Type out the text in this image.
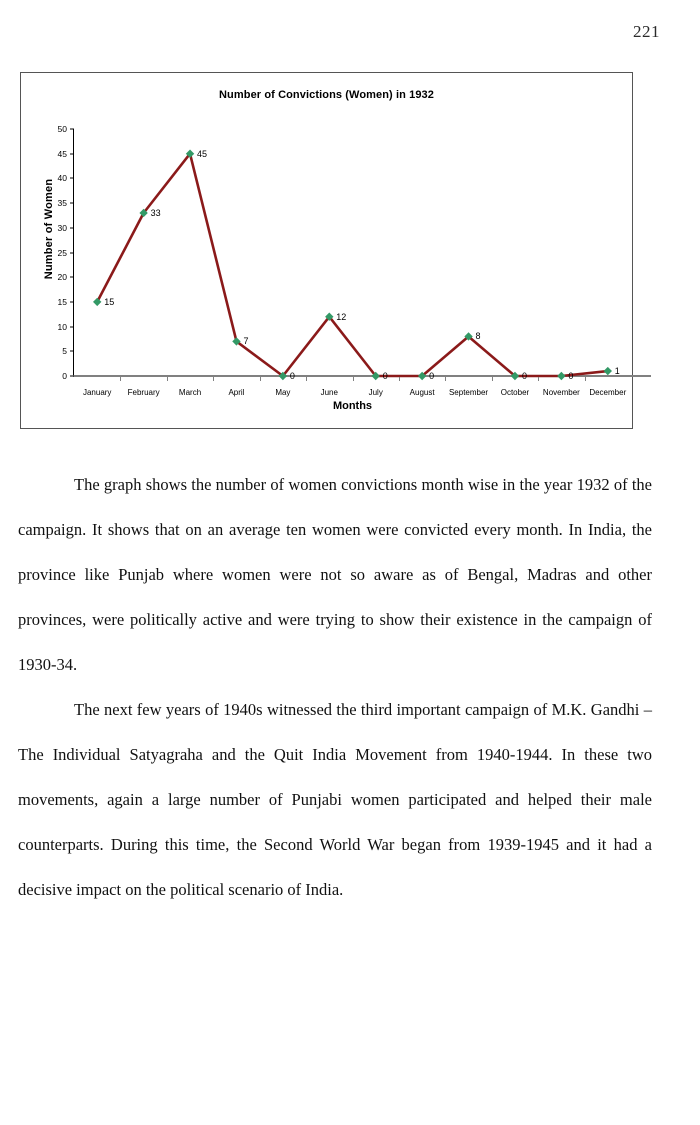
221
Number of Convictions (Women) in 1932
Number of Women
0
5
10
15
20
25
30
35
40
45
50
January February March	April	May	June	July	August September October November December
15
33
45
7
0
12
0	0
8
0	0	1
Months

The graph shows the number of women convictions month wise in the year 1932 of the campaign. It shows that on an average ten women were convicted every month. In India, the province like Punjab where women were not so aware as of Bengal, Madras and other provinces, were politically active and were trying to show their existence in the campaign of 1930-34.

The next few years of 1940s witnessed the third important campaign of M.K. Gandhi – The Individual Satyagraha and the Quit India Movement from 1940-1944. In these two movements, again a large number of Punjabi women participated and helped their male counterparts. During this time, the Second World War began from 1939-1945 and it had a decisive impact on the political scenario of India.
